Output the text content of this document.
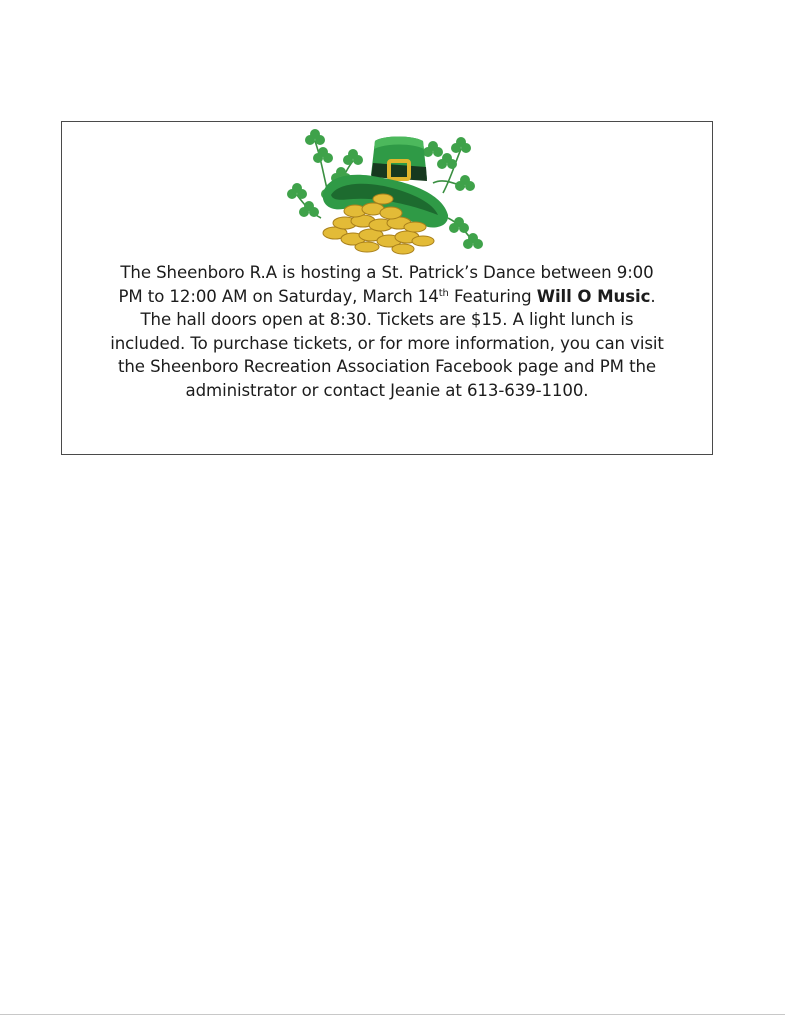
The Sheenboro R.A is hosting a St. Patrick’s Dance between 9:00
PM to 12:00 AM on Saturday, March 14th Featuring Will O Music.
The hall doors open at 8:30. Tickets are $15. A light lunch is
included. To purchase tickets, or for more information, you can visit
the Sheenboro Recreation Association Facebook page and PM the
administrator or contact Jeanie at 613-639-1100.
